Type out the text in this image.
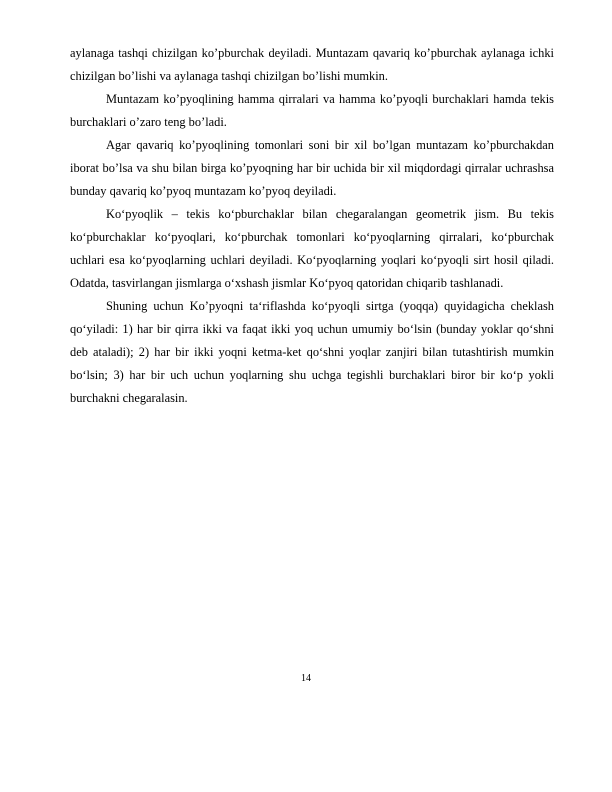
aylanaga tashqi chizilgan ko’pburchak deyiladi. Muntazam qavariq ko’pburchak aylanaga ichki chizilgan bo’lishi va aylanaga tashqi chizilgan bo’lishi mumkin.

Muntazam ko’pyoqlining hamma qirralari va hamma ko’pyoqli burchaklari hamda tekis burchaklari o’zaro teng bo’ladi.

Agar qavariq ko’pyoqlining tomonlari soni bir xil bo’lgan muntazam ko’pburchakdan iborat bo’lsa va shu bilan birga ko’pyoqning har bir uchida bir xil miqdordagi qirralar uchrashsa bunday qavariq ko’pyoq muntazam ko’pyoq deyiladi.

Ko‘pyoqlik – tekis ko‘pburchaklar bilan chegaralangan geometrik jism. Bu tekis ko‘pburchaklar ko‘pyoqlari, ko‘pburchak tomonlari ko‘pyoqlarning qirralari, ko‘pburchak uchlari esa ko‘pyoqlarning uchlari deyiladi. Ko‘pyoqlarning yoqlari ko‘pyoqli sirt hosil qiladi. Odatda, tasvirlangan jismlarga o‘xshash jismlar Ko‘pyoq qatoridan chiqarib tashlanadi.

Shuning uchun Ko’pyoqni ta‘riflashda ko‘pyoqli sirtga (yoqqa) quyidagicha cheklash qo‘yiladi: 1) har bir qirra ikki va faqat ikki yoq uchun umumiy bo‘lsin (bunday yoklar qo‘shni deb ataladi); 2) har bir ikki yoqni ketma-ket qo‘shni yoqlar zanjiri bilan tutashtirish mumkin bo‘lsin; 3) har bir uch uchun yoqlarning shu uchga tegishli burchaklari biror bir ko‘p yokli burchakni chegaralasin.

14
